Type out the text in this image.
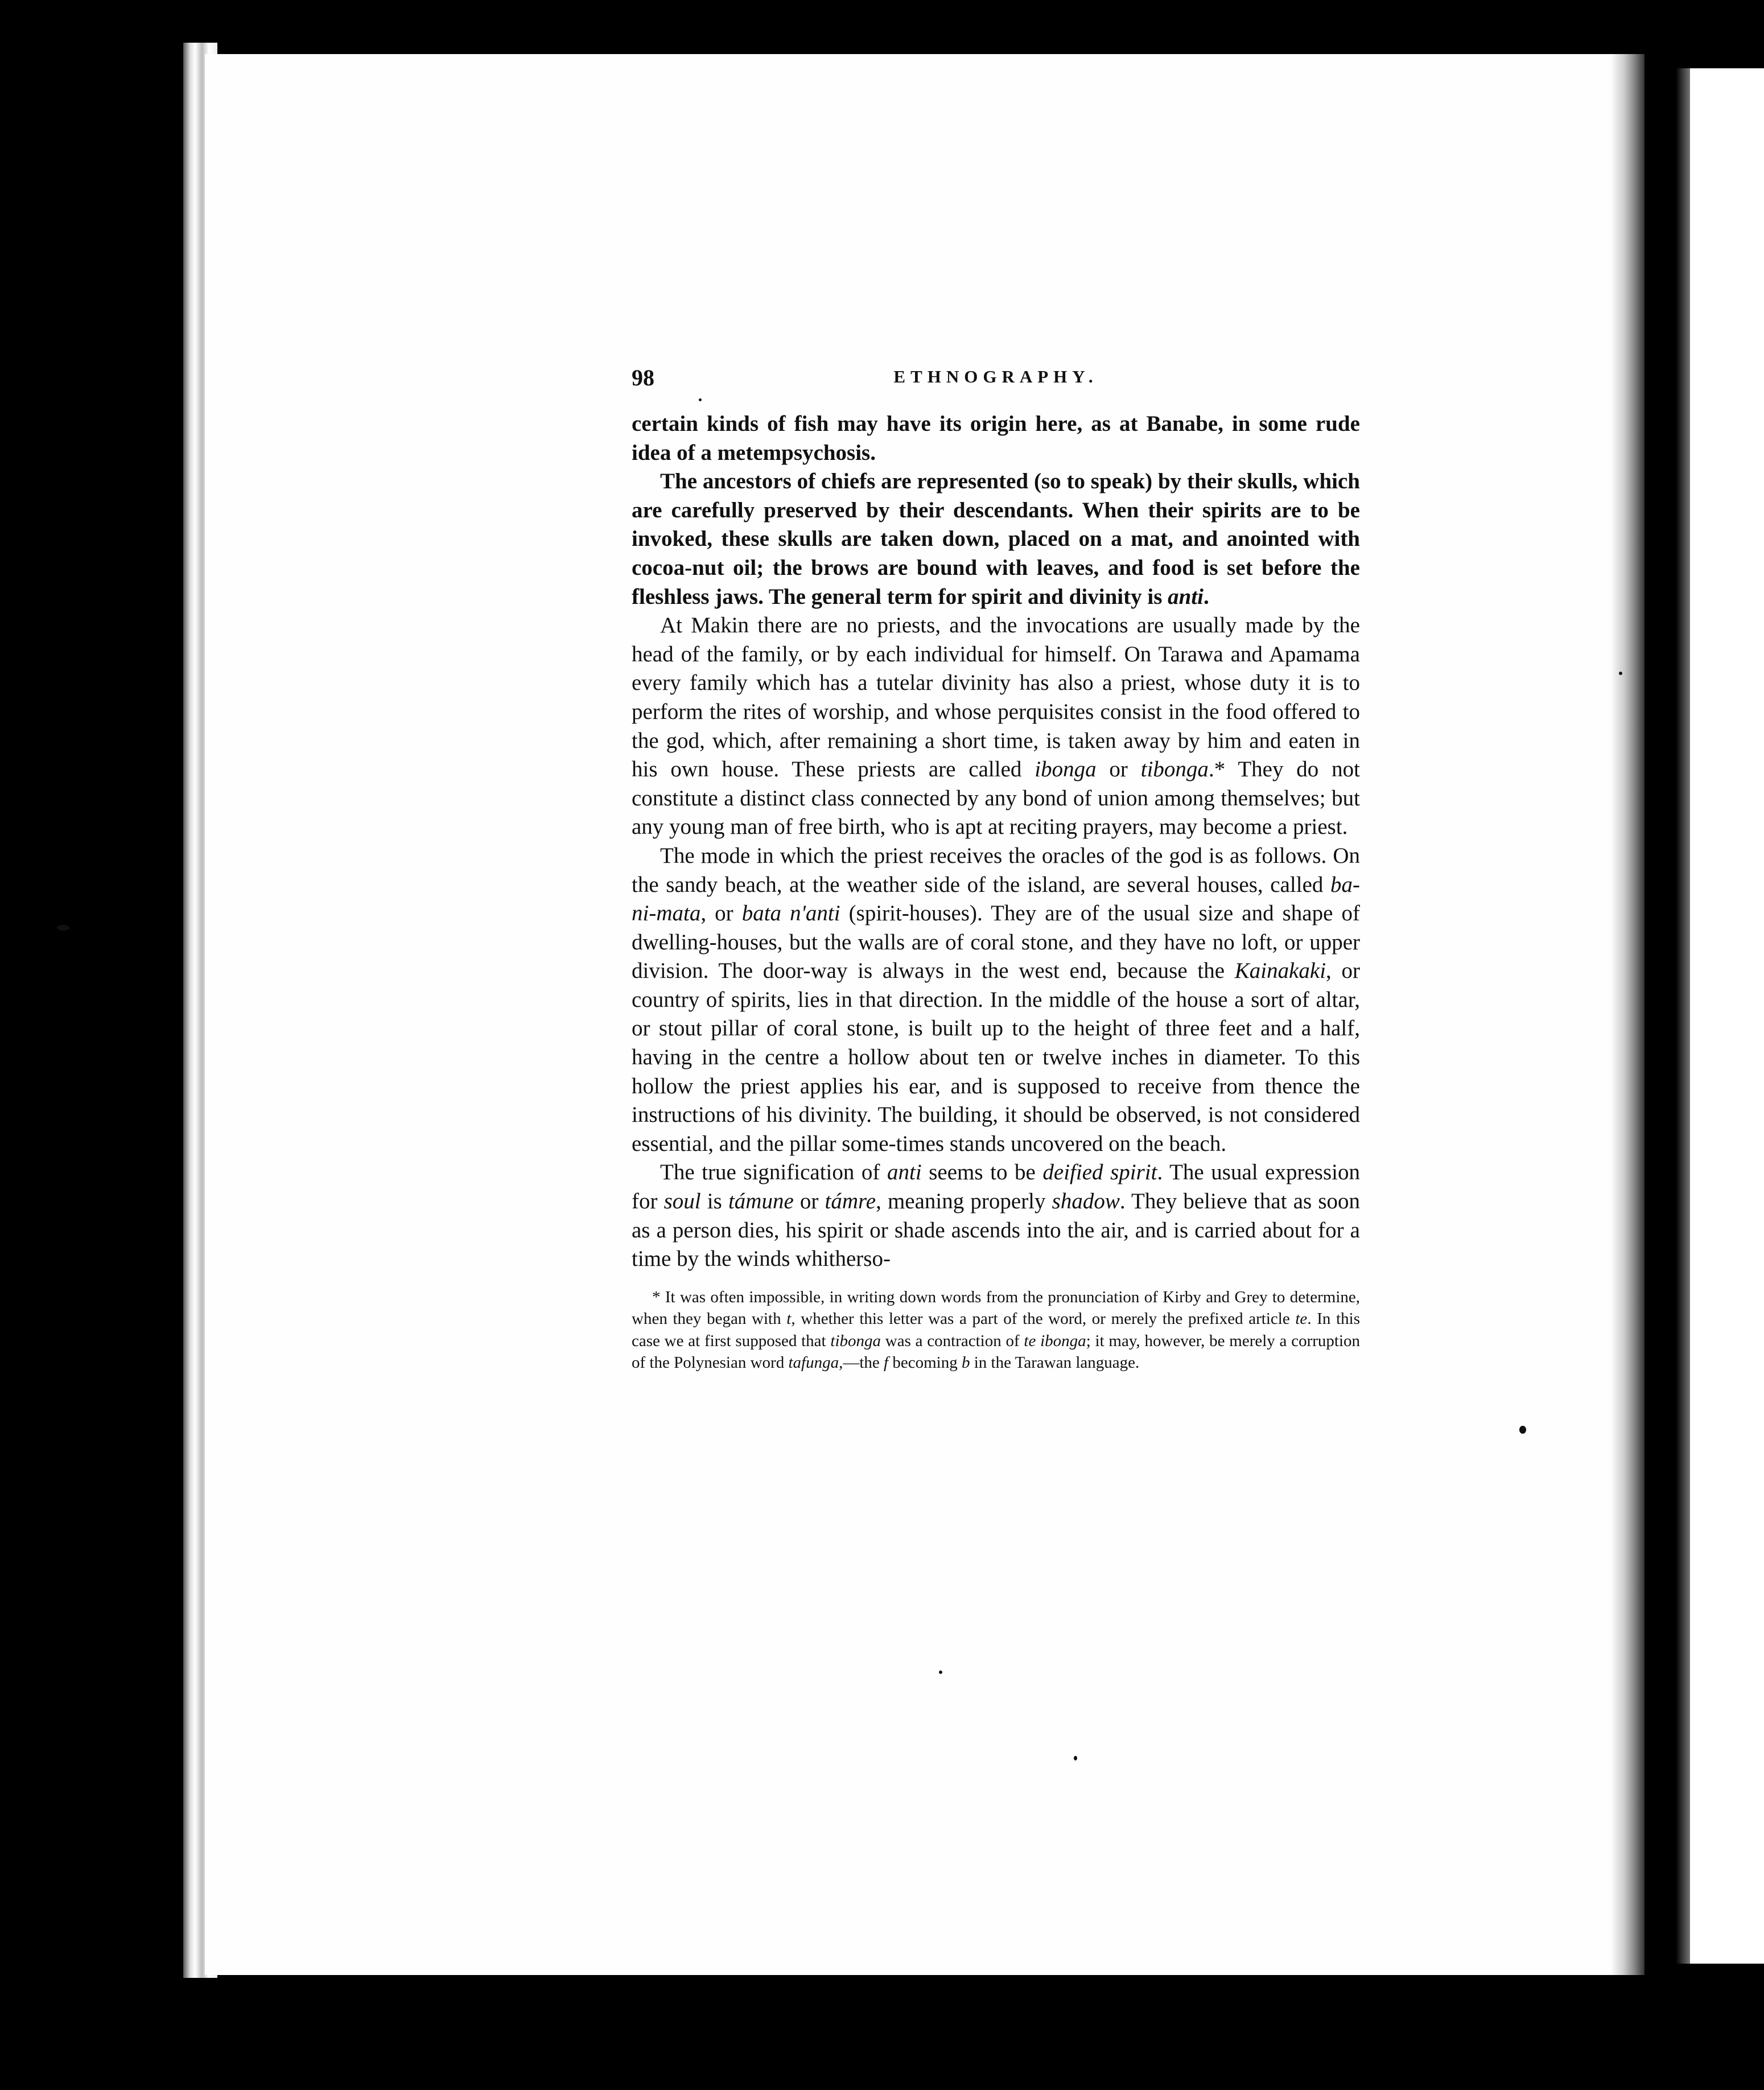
98	ETHNOGRAPHY.

certain kinds of fish may have its origin here, as at Banabe, in some rude idea of a metempsychosis.

The ancestors of chiefs are represented (so to speak) by their skulls, which are carefully preserved by their descendants. When their spirits are to be invoked, these skulls are taken down, placed on a mat, and anointed with cocoa-nut oil; the brows are bound with leaves, and food is set before the fleshless jaws. The general term for spirit and divinity is anti.

At Makin there are no priests, and the invocations are usually made by the head of the family, or by each individual for himself. On Tarawa and Apamama every family which has a tutelar divinity has also a priest, whose duty it is to perform the rites of worship, and whose perquisites consist in the food offered to the god, which, after remaining a short time, is taken away by him and eaten in his own house. These priests are called ibonga or tibonga.* They do not constitute a distinct class connected by any bond of union among themselves; but any young man of free birth, who is apt at reciting prayers, may become a priest.

The mode in which the priest receives the oracles of the god is as follows. On the sandy beach, at the weather side of the island, are several houses, called ba-ni-mata, or bata n'anti (spirit-houses). They are of the usual size and shape of dwelling-houses, but the walls are of coral stone, and they have no loft, or upper division. The door-way is always in the west end, because the Kainakaki, or country of spirits, lies in that direction. In the middle of the house a sort of altar, or stout pillar of coral stone, is built up to the height of three feet and a half, having in the centre a hollow about ten or twelve inches in diameter. To this hollow the priest applies his ear, and is supposed to receive from thence the instructions of his divinity. The building, it should be observed, is not considered essential, and the pillar some-times stands uncovered on the beach.

The true signification of anti seems to be deified spirit. The usual expression for soul is támune or támre, meaning properly shadow. They believe that as soon as a person dies, his spirit or shade ascends into the air, and is carried about for a time by the winds whitherso-

* It was often impossible, in writing down words from the pronunciation of Kirby and Grey to determine, when they began with t, whether this letter was a part of the word, or merely the prefixed article te. In this case we at first supposed that tibonga was a contraction of te ibonga; it may, however, be merely a corruption of the Polynesian word tafunga,—the f becoming b in the Tarawan language.
